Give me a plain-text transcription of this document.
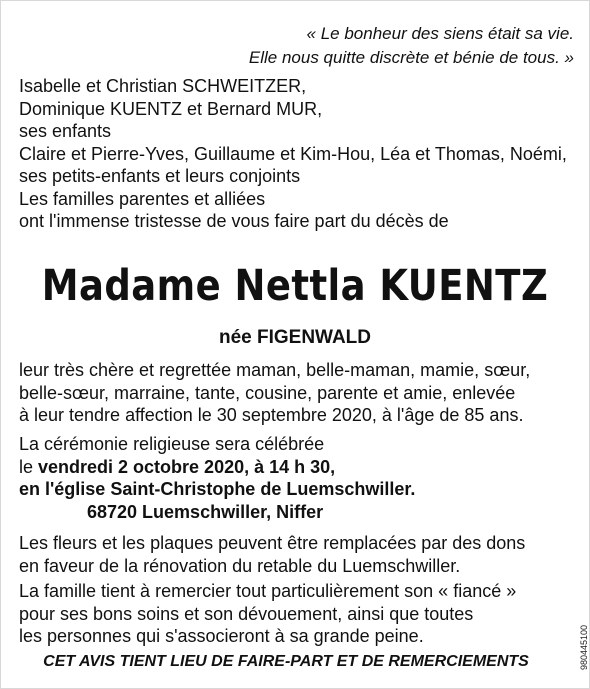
« Le bonheur des siens était sa vie.
Elle nous quitte discrète et bénie de tous. »
Isabelle et Christian SCHWEITZER,
Dominique KUENTZ et Bernard MUR,
ses enfants
Claire et Pierre-Yves, Guillaume et Kim-Hou, Léa et Thomas, Noémi,
ses petits-enfants et leurs conjoints
Les familles parentes et alliées
ont l'immense tristesse de vous faire part du décès de
Madame Nettla KUENTZ
née FIGENWALD
leur très chère et regrettée maman, belle-maman, mamie, sœur,
belle-sœur, marraine, tante, cousine, parente et amie, enlevée
à leur tendre affection le 30 septembre 2020, à l'âge de 85 ans.
La cérémonie religieuse sera célébrée
le vendredi 2 octobre 2020, à 14 h 30,
en l'église Saint-Christophe de Luemschwiller.
68720 Luemschwiller, Niffer
Les fleurs et les plaques peuvent être remplacées par des dons
en faveur de la rénovation du retable du Luemschwiller.
La famille tient à remercier tout particulièrement son « fiancé »
pour ses bons soins et son dévouement, ainsi que toutes
les personnes qui s'associeront à sa grande peine.
CET AVIS TIENT LIEU DE FAIRE-PART ET DE REMERCIEMENTS	980445100
